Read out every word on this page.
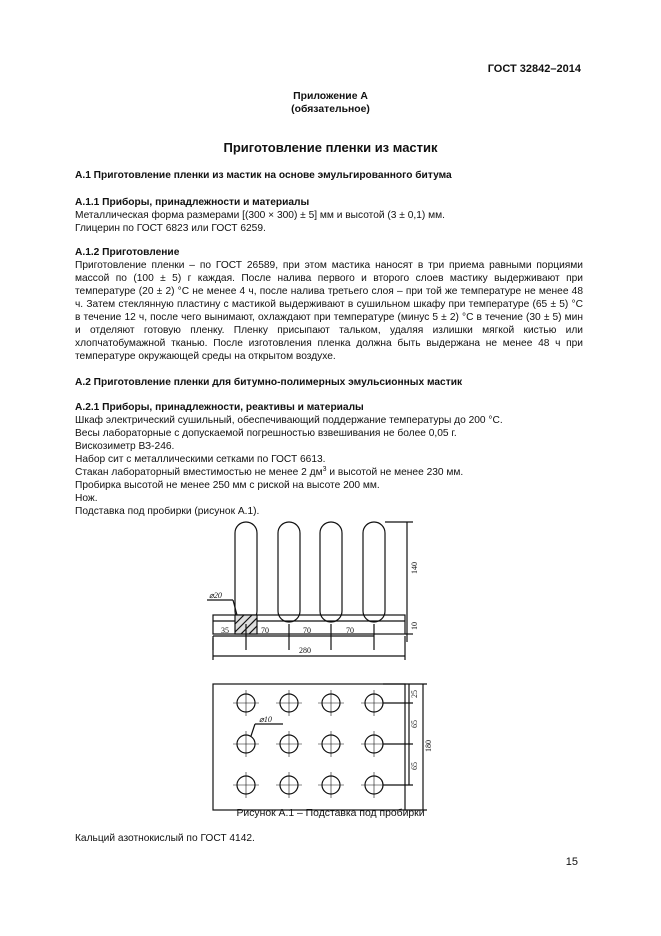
ГОСТ 32842–2014
Приложение А
(обязательное)
Приготовление пленки из мастик
А.1 Приготовление пленки из мастик на основе эмульгированного битума
А.1.1 Приборы, принадлежности и материалы
Металлическая форма размерами [(300 × 300) ± 5] мм и высотой (3 ± 0,1) мм.
Глицерин по ГОСТ 6823 или ГОСТ 6259.
А.1.2 Приготовление
Приготовление пленки – по ГОСТ 26589, при этом мастика наносят в три приема равными порциями массой по (100 ± 5) г каждая. После налива первого и второго слоев мастику выдерживают при температуре (20 ± 2) °С не менее 4 ч, после налива третьего слоя – при той же температуре не менее 48 ч. Затем стеклянную пластину с мастикой выдерживают в сушильном шкафу при температуре (65 ± 5) °С в течение 12 ч, после чего вынимают, охлаждают при температуре (минус 5 ± 2) °С в течение (30 ± 5) мин и отделяют готовую пленку. Пленку присыпают тальком, удаляя излишки мягкой кистью или хлопчатобумажной тканью. После изготовления пленка должна быть выдержана не менее 48 ч при температуре окружающей среды на открытом воздухе.
А.2 Приготовление пленки для битумно-полимерных эмульсионных мастик
А.2.1 Приборы, принадлежности, реактивы и материалы
Шкаф электрический сушильный, обеспечивающий поддержание температуры до 200 °С.
Весы лабораторные с допускаемой погрешностью взвешивания не более 0,05 г.
Вискозиметр ВЗ-246.
Набор сит с металлическими сетками по ГОСТ 6613.
Стакан лабораторный вместимостью не менее 2 $дм^3$ и высотой не менее 230 мм.
Пробирка высотой не менее 250 мм с риской на высоте 200 мм.
Нож.
Подставка под пробирки (рисунок А.1).
⌀20
35	70	70	70
280
140
10
⌀10
25
65
180
65
Рисунок А.1 – Подставка под пробирки
Кальций азотнокислый по ГОСТ 4142.
15
